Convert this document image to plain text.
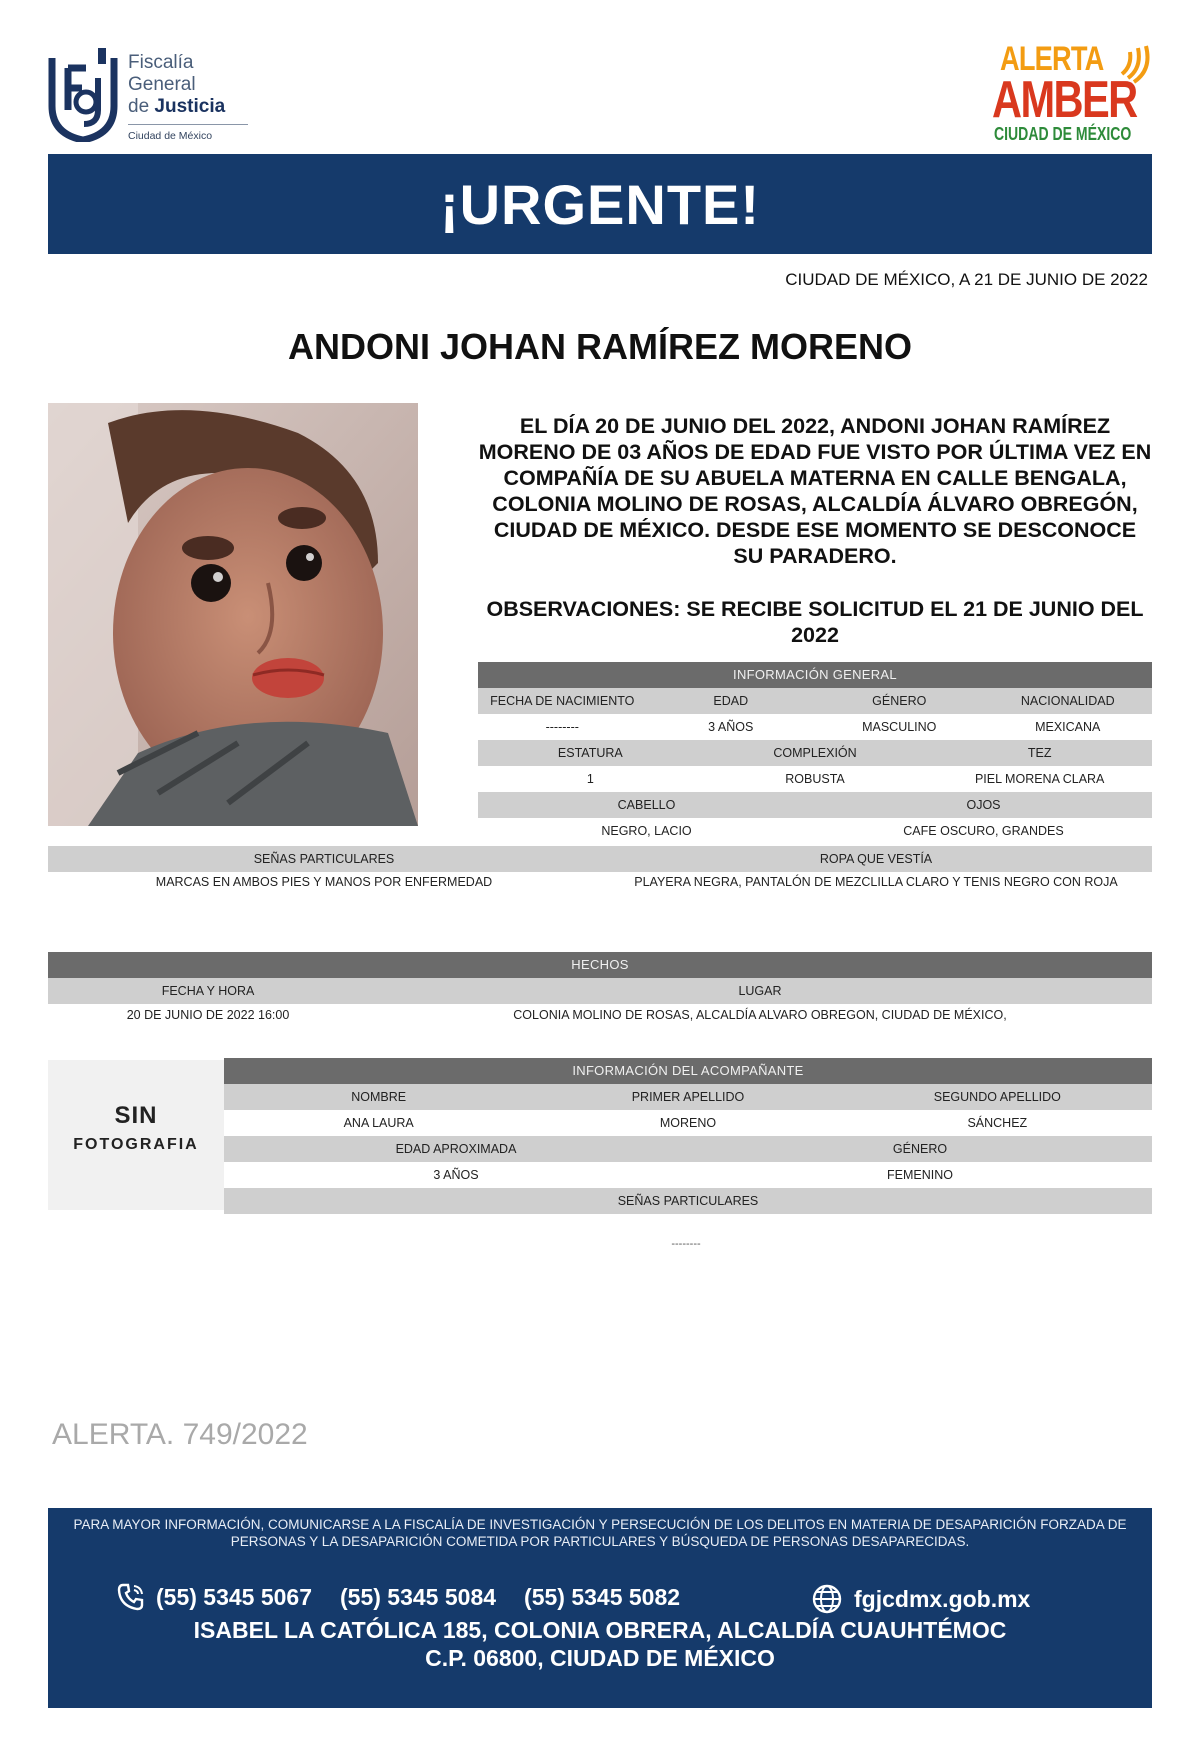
Fiscalía
General
de Justicia
Ciudad de México
ALERTA
AMBER
CIUDAD DE MÉXICO
¡URGENTE!
CIUDAD DE MÉXICO, A 21 DE JUNIO DE 2022
ANDONI JOHAN RAMÍREZ MORENO
EL DÍA 20 DE JUNIO DEL 2022, ANDONI JOHAN RAMÍREZ MORENO DE 03 AÑOS DE EDAD FUE VISTO POR ÚLTIMA VEZ EN COMPAÑÍA DE SU ABUELA MATERNA EN CALLE BENGALA, COLONIA MOLINO DE ROSAS, ALCALDÍA ÁLVARO OBREGÓN, CIUDAD DE MÉXICO. DESDE ESE MOMENTO SE DESCONOCE SU PARADERO.
OBSERVACIONES: SE RECIBE SOLICITUD EL 21 DE JUNIO DEL 2022
INFORMACIÓN GENERAL
FECHA DE NACIMIENTO	EDAD	GÉNERO	NACIONALIDAD
--------	3 AÑOS	MASCULINO	MEXICANA
ESTATURA	COMPLEXIÓN	TEZ
1	ROBUSTA	PIEL MORENA CLARA
CABELLO	OJOS
NEGRO, LACIO	CAFE OSCURO, GRANDES
SEÑAS PARTICULARES	ROPA QUE VESTÍA
MARCAS EN AMBOS PIES Y MANOS POR ENFERMEDAD	PLAYERA NEGRA, PANTALÓN DE MEZCLILLA CLARO Y TENIS NEGRO CON ROJA
HECHOS
FECHA Y HORA	LUGAR
20 DE JUNIO DE 2022 16:00	COLONIA MOLINO DE ROSAS, ALCALDÍA ALVARO OBREGON, CIUDAD DE MÉXICO,
SIN
FOTOGRAFIA
INFORMACIÓN DEL ACOMPAÑANTE
NOMBRE	PRIMER APELLIDO	SEGUNDO APELLIDO
ANA LAURA	MORENO	SÁNCHEZ
EDAD APROXIMADA	GÉNERO
3 AÑOS	FEMENINO
SEÑAS PARTICULARES
--------
ALERTA. 749/2022
PARA MAYOR INFORMACIÓN, COMUNICARSE A LA FISCALÍA DE INVESTIGACIÓN Y PERSECUCIÓN DE LOS DELITOS EN MATERIA DE DESAPARICIÓN FORZADA DE PERSONAS Y LA DESAPARICIÓN COMETIDA POR PARTICULARES Y BÚSQUEDA DE PERSONAS DESAPARECIDAS.
(55) 5345 5067 (55) 5345 5084 (55) 5345 5082	fgjcdmx.gob.mx
ISABEL LA CATÓLICA 185, COLONIA OBRERA, ALCALDÍA CUAUHTÉMOC
C.P. 06800, CIUDAD DE MÉXICO
